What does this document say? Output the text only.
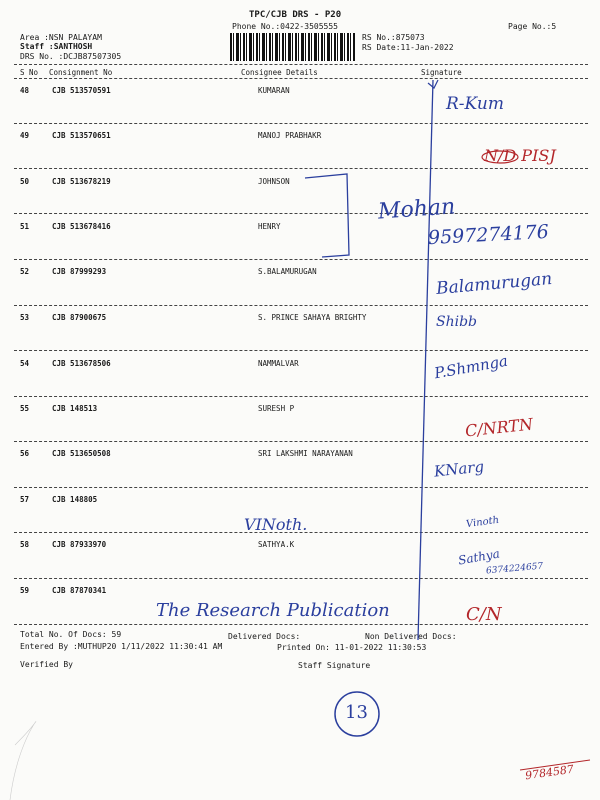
TPC/CJB DRS - P20
Phone No.:0422-3505555	Page No.:5
Area :NSN PALAYAM
Staff :SANTHOSH
DRS No. :DCJB87507305
RS No.:875073
RS Date:11-Jan-2022
S No Consignment No	Consignee Details	Signature
48	CJB 513570591	KUMARAN
49	CJB 513570651	MANOJ PRABHAKR
50	CJB 513678219	JOHNSON
51	CJB 513678416	HENRY
52	CJB 87999293	S.BALAMURUGAN
53	CJB 87900675	S. PRINCE SAHAYA BRIGHTY
54	CJB 513678506	NAMMALVAR
55	CJB 148513	SURESH P
56	CJB 513650508	SRI LAKSHMI NARAYANAN
57	CJB 148805
58	CJB 87933970	SATHYA.K
59	CJB 87870341
Total No. Of Docs: 59	Delivered Docs:	Non Delivered Docs:
Entered By :MUTHUP20 1/11/2022 11:30:41 AM	Printed On: 11-01-2022 11:30:53
Verified By	Staff Signature
R-Kum
N/D PISJ
Mohan
9597274176
Balamurugan
Shibb
P.Shmnga
C/NRTN
KNarg
VINoth.	Vinoth
Sathya
6374224657
The Research Publication	C/N
13
9784587
